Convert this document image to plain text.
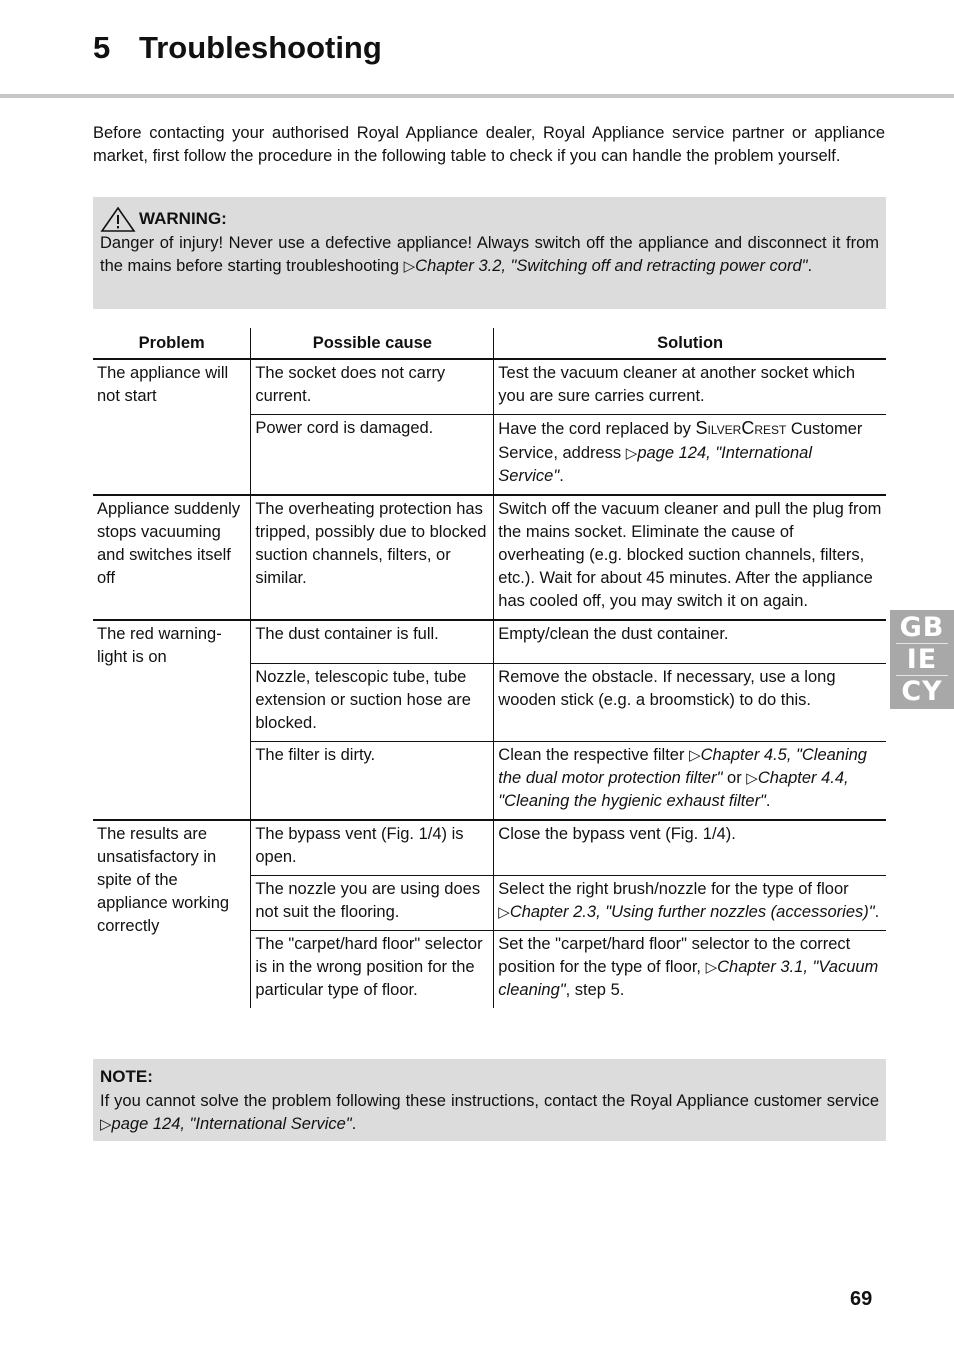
5 Troubleshooting
Before contacting your authorised Royal Appliance dealer, Royal Appliance service partner or appliance market, first follow the procedure in the following table to check if you can handle the problem yourself.
WARNING:
Danger of injury! Never use a defective appliance! Always switch off the appliance and disconnect it from the mains before starting troubleshooting ▷Chapter 3.2, "Switching off and retracting power cord".
Problem	Possible cause	Solution
The appliance will not start	The socket does not carry current.	Test the vacuum cleaner at another socket which you are sure carries current.
	Power cord is damaged.	Have the cord replaced by SILVERCREST Customer Service, address ▷page 124, "International Service".
Appliance suddenly stops vacuuming and switches itself off	The overheating protection has tripped, possibly due to blocked suction channels, filters, or similar.	Switch off the vacuum cleaner and pull the plug from the mains socket. Eliminate the cause of overheating (e.g. blocked suction channels, filters, etc.). Wait for about 45 minutes. After the appliance has cooled off, you may switch it on again.
The red warning-light is on	The dust container is full.	Empty/clean the dust container.
	Nozzle, telescopic tube, tube extension or suction hose are blocked.	Remove the obstacle. If necessary, use a long wooden stick (e.g. a broomstick) to do this.
	The filter is dirty.	Clean the respective filter ▷Chapter 4.5, "Cleaning the dual motor protection filter" or ▷Chapter 4.4, "Cleaning the hygienic exhaust filter".
The results are unsatisfactory in spite of the appliance working correctly	The bypass vent (Fig. 1/4) is open.	Close the bypass vent (Fig. 1/4).
	The nozzle you are using does not suit the flooring.	Select the right brush/nozzle for the type of floor ▷Chapter 2.3, "Using further nozzles (accessories)".
	The "carpet/hard floor" selector is in the wrong position for the particular type of floor.	Set the "carpet/hard floor" selector to the correct position for the type of floor, ▷Chapter 3.1, "Vacuum cleaning", step 5.
NOTE:
If you cannot solve the problem following these instructions, contact the Royal Appliance customer service ▷page 124, "International Service".
GB
IE
CY
69
